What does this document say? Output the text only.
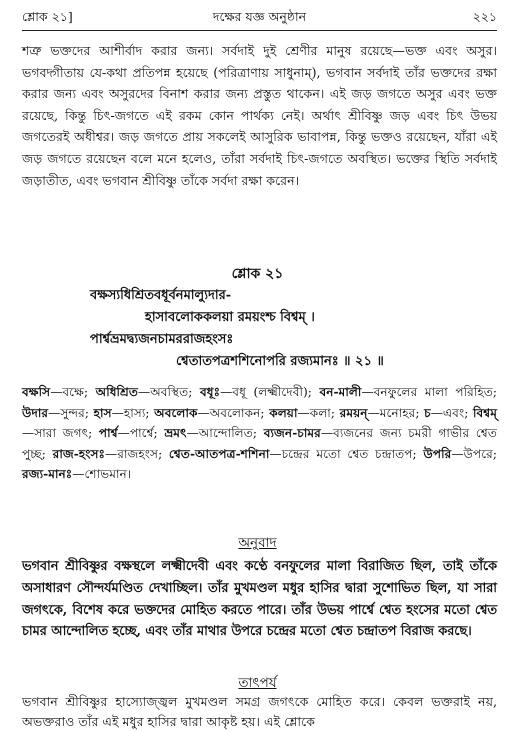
শ্লোক ২১]	দক্ষের যজ্ঞ অনুষ্ঠান	২২১

শত্রু ভক্তদের আশীর্বাদ করার জন্য। সর্বদাই দুই শ্রেণীর মানুষ রয়েছে—ভক্ত এবং অসুর। ভগবদ্গীতায় যে-কথা প্রতিপন্ন হয়েছে (পরিত্রাণায় সাধুনাম্), ভগবান সর্বদাই তাঁর ভক্তদের রক্ষা করার জন্য এবং অসুরদের বিনাশ করার জন্য প্রস্তুত থাকেন। এই জড় জগতে অসুর এবং ভক্ত রয়েছে, কিন্তু চিৎ-জগতে এই রকম কোন পার্থক্য নেই। অর্থাৎ শ্রীবিষ্ণু জড় এবং চিৎ উভয় জগতেরই অধীশ্বর। জড় জগতে প্রায় সকলেই আসুরিক ভাবাপন্ন, কিন্তু ভক্তও রয়েছেন, যাঁরা এই জড় জগতে রয়েছেন বলে মনে হলেও, তাঁরা সর্বদাই চিৎ-জগতে অবস্থিত। ভক্তের স্থিতি সর্বদাই জড়াতীত, এবং ভগবান শ্রীবিষ্ণু তাঁকে সর্বদা রক্ষা করেন।

শ্লোক ২১
বক্ষস্যধিশ্রিতবধূর্বনমাল্যুদার-
হাসাবলোককলয়া রময়ংশ্চ বিশ্বম্ ।
পার্শ্বভ্রমদ্ব্যজনচামররাজহংসঃ
শ্বেতাতপত্রশশিনোপরি রজ্যমানঃ ॥ ২১ ॥

বক্ষসি—বক্ষে; অধিশ্রিত—অবস্থিত; বধূঃ—বধূ (লক্ষ্মীদেবী); বন-মালী—বনফুলের মালা পরিহিত; উদার—সুন্দর; হাস—হাস্য; অবলোক—অবলোকন; কলয়া—কলা; রময়ন্—মনোহর; চ—এবং; বিশ্বম্—সারা জগৎ; পার্শ্ব—পার্শ্বে; ভ্রমৎ—আন্দোলিত; ব্যজন-চামর—ব্যজনের জন্য চমরী গাভীর শ্বেত পুচ্ছ; রাজ-হংসঃ—রাজহংস; শ্বেত-আতপত্র-শশিনা—চন্দ্রের মতো শ্বেত চন্দ্রাতপ; উপরি—উপরে; রজ্য-মানঃ—শোভমান।

অনুবাদ

ভগবান শ্রীবিষ্ণুর বক্ষস্থলে লক্ষ্মীদেবী এবং কণ্ঠে বনফুলের মালা বিরাজিত ছিল, তাই তাঁকে অসাধারণ সৌন্দর্যমণ্ডিত দেখাচ্ছিল। তাঁর মুখমণ্ডল মধুর হাসির দ্বারা সুশোভিত ছিল, যা সারা জগৎকে, বিশেষ করে ভক্তদের মোহিত করতে পারে। তাঁর উভয় পার্শ্বে শ্বেত হংসের মতো শ্বেত চামর আন্দোলিত হচ্ছে, এবং তাঁর মাথার উপরে চন্দ্রের মতো শ্বেত চন্দ্রাতপ বিরাজ করছে।

তাৎপর্য

ভগবান শ্রীবিষ্ণুর হাস্যোজ্জ্বল মুখমণ্ডল সমগ্র জগৎকে মোহিত করে। কেবল ভক্তরাই নয়, অভক্তরাও তাঁর এই মধুর হাসির দ্বারা আকৃষ্ট হয়। এই শ্লোকে
